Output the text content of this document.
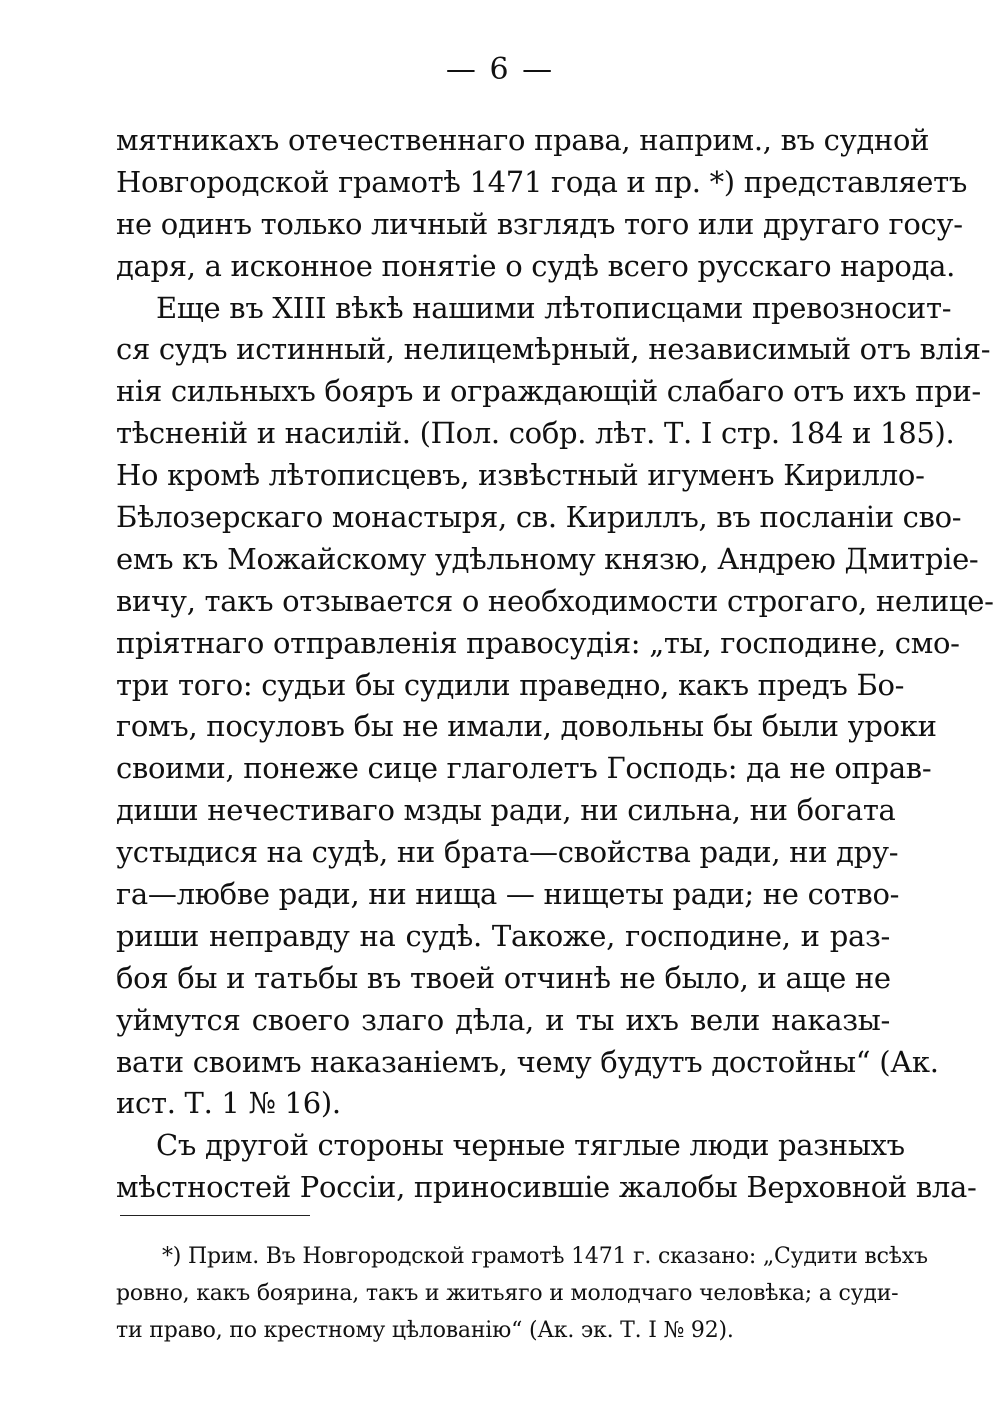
— 6 —
мятникахъ отечественнаго права, наприм., въ судной
Новгородской грамотѣ 1471 года и пр. *) представляетъ
не одинъ только личный взглядъ того или другаго госу-
даря, а исконное понятіе о судѣ всего русскаго народа.
Еще въ XIII вѣкѣ нашими лѣтописцами превозносит-
ся судъ истинный, нелицемѣрный, независимый отъ влія-
нія сильныхъ бояръ и ограждающій слабаго отъ ихъ при-
тѣсненій и насилій. (Пол. собр. лѣт. Т. I стр. 184 и 185).
Но кромѣ лѣтописцевъ, извѣстный игуменъ Кирилло-
Бѣлозерскаго монастыря, св. Кириллъ, въ посланіи сво-
емъ къ Можайскому удѣльному князю, Андрею Дмитріе-
вичу, такъ отзывается о необходимости строгаго, нелице-
пріятнаго отправленія правосудія: „ты, господине, смо-
три того: судьи бы судили праведно, какъ предъ Бо-
гомъ, посуловъ бы не имали, довольны бы были уроки
своими, понеже сице глаголетъ Господь: да не оправ-
диши нечестиваго мзды ради, ни сильна, ни богата
устыдися на судѣ, ни брата—свойства ради, ни дру-
га—любве ради, ни нища — нищеты ради; не сотво-
риши неправду на судѣ. Такоже, господине, и раз-
боя бы и татьбы въ твоей отчинѣ не было, и аще не
уймутся своего злаго дѣла, и ты ихъ вели наказы-
вати своимъ наказаніемъ, чему будутъ достойны“ (Ак.
ист. Т. 1 № 16).
Съ другой стороны черные тяглые люди разныхъ
мѣстностей Россіи, приносившіе жалобы Верховной вла-
*) Прим. Въ Новгородской грамотѣ 1471 г. сказано: „Судити всѣхъ
ровно, какъ боярина, такъ и житьяго и молодчаго человѣка; а суди-
ти право, по крестному цѣлованію“ (Ак. эк. Т. I № 92).
